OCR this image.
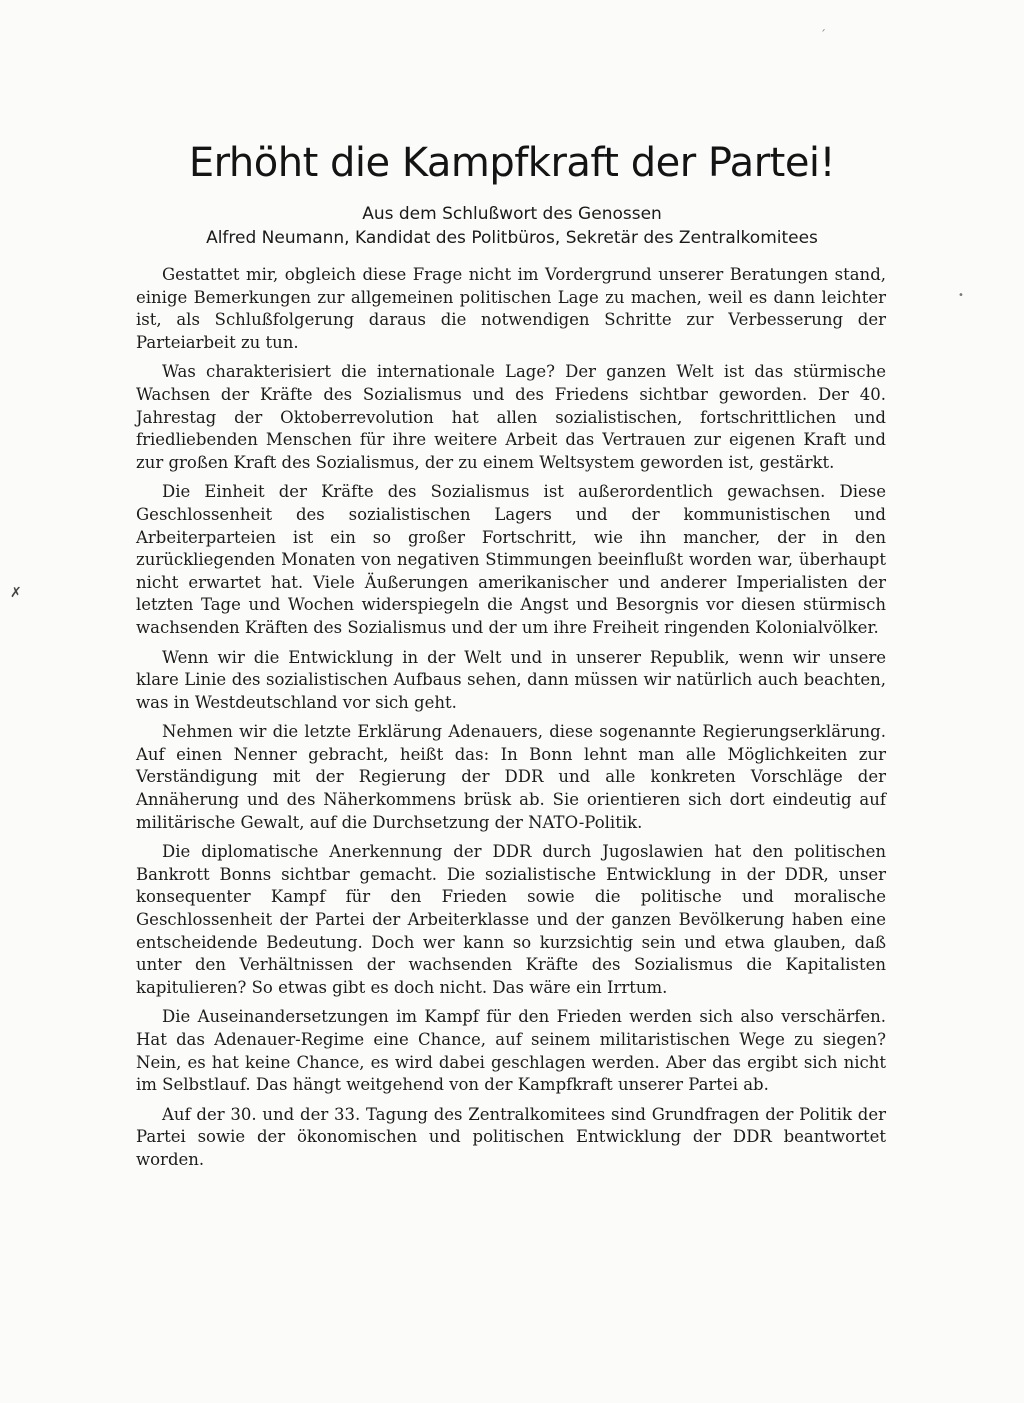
´
•
✗
Erhöht die Kampfkraft der Partei!
Aus dem Schlußwort des Genossen
Alfred Neumann, Kandidat des Politbüros, Sekretär des Zentralkomitees

Gestattet mir, obgleich diese Frage nicht im Vordergrund unserer Beratungen stand, einige Bemerkungen zur allgemeinen politischen Lage zu machen, weil es dann leichter ist, als Schlußfolgerung daraus die notwendigen Schritte zur Verbesserung der Parteiarbeit zu tun.

Was charakterisiert die internationale Lage? Der ganzen Welt ist das stürmische Wachsen der Kräfte des Sozialismus und des Friedens sichtbar geworden. Der 40. Jahrestag der Oktoberrevolution hat allen sozialistischen, fortschrittlichen und friedliebenden Menschen für ihre weitere Arbeit das Vertrauen zur eigenen Kraft und zur großen Kraft des Sozialismus, der zu einem Weltsystem geworden ist, gestärkt.

Die Einheit der Kräfte des Sozialismus ist außerordentlich gewachsen. Diese Geschlossenheit des sozialistischen Lagers und der kommunistischen und Arbeiterparteien ist ein so großer Fortschritt, wie ihn mancher, der in den zurückliegenden Monaten von negativen Stimmungen beeinflußt worden war, überhaupt nicht erwartet hat. Viele Äußerungen amerikanischer und anderer Imperialisten der letzten Tage und Wochen widerspiegeln die Angst und Besorgnis vor diesen stürmisch wachsenden Kräften des Sozialismus und der um ihre Freiheit ringenden Kolonialvölker.

Wenn wir die Entwicklung in der Welt und in unserer Republik, wenn wir unsere klare Linie des sozialistischen Aufbaus sehen, dann müssen wir natürlich auch beachten, was in Westdeutschland vor sich geht.

Nehmen wir die letzte Erklärung Adenauers, diese sogenannte Regierungserklärung. Auf einen Nenner gebracht, heißt das: In Bonn lehnt man alle Möglichkeiten zur Verständigung mit der Regierung der DDR und alle konkreten Vorschläge der Annäherung und des Näherkommens brüsk ab. Sie orientieren sich dort eindeutig auf militärische Gewalt, auf die Durchsetzung der NATO-Politik.

Die diplomatische Anerkennung der DDR durch Jugoslawien hat den politischen Bankrott Bonns sichtbar gemacht. Die sozialistische Entwicklung in der DDR, unser konsequenter Kampf für den Frieden sowie die politische und moralische Geschlossenheit der Partei der Arbeiterklasse und der ganzen Bevölkerung haben eine entscheidende Bedeutung. Doch wer kann so kurzsichtig sein und etwa glauben, daß unter den Verhältnissen der wachsenden Kräfte des Sozialismus die Kapitalisten kapitulieren? So etwas gibt es doch nicht. Das wäre ein Irrtum.

Die Auseinandersetzungen im Kampf für den Frieden werden sich also verschärfen. Hat das Adenauer-Regime eine Chance, auf seinem militaristischen Wege zu siegen? Nein, es hat keine Chance, es wird dabei geschlagen werden. Aber das ergibt sich nicht im Selbstlauf. Das hängt weitgehend von der Kampfkraft unserer Partei ab.

Auf der 30. und der 33. Tagung des Zentralkomitees sind Grundfragen der Politik der Partei sowie der ökonomischen und politischen Entwicklung der DDR beantwortet worden.
